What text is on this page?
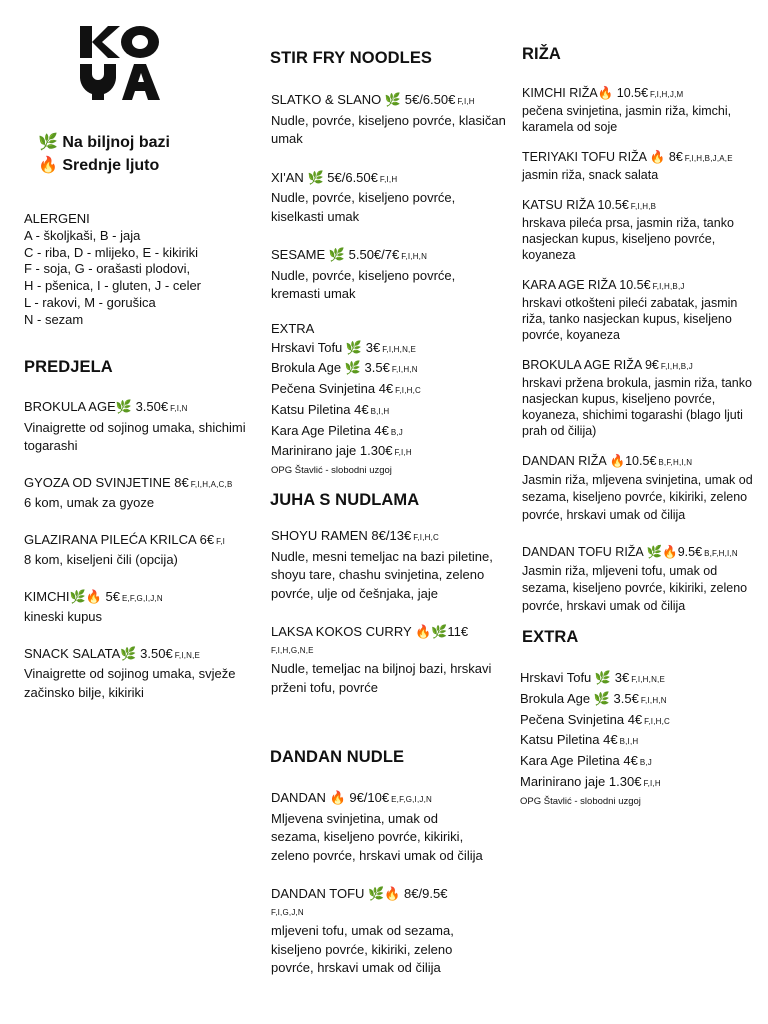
🌿 Na biljnoj bazi
🔥 Srednje ljuto
ALERGENI
A - školjkaši, B - jaja
C - riba, D - mlijeko, E - kikiriki
F - soja, G - orašasti plodovi,
H - pšenica, I - gluten, J - celer
L - rakovi, M - gorušica
N - sezam
PREDJELA
BROKULA AGE🌿 3.50€ F,I,N
Vinaigrette od sojinog umaka, shichimi togarashi
GYOZA OD SVINJETINE 8€ F,I,H,A,C,B
6 kom, umak za gyoze
GLAZIRANA PILEĆA KRILCA 6€ F,I
8 kom, kiseljeni čili (opcija)
KIMCHI🌿🔥 5€ E,F,G,I,J,N
kineski kupus
SNACK SALATA🌿 3.50€ F,I,N,E
Vinaigrette od sojinog umaka, svježe začinsko bilje, kikiriki
STIR FRY NOODLES
SLATKO & SLANO 🌿 5€/6.50€ F,I,H
Nudle, povrće, kiseljeno povrće, klasičan umak
XI'AN 🌿 5€/6.50€ F,I,H
Nudle, povrće, kiseljeno povrće, kiselkasti umak
SESAME 🌿 5.50€/7€ F,I,H,N
Nudle, povrće, kiseljeno povrće, kremasti umak
EXTRA
Hrskavi Tofu 🌿 3€ F,I,H,N,E
Brokula Age 🌿 3.5€ F,I,H,N
Pečena Svinjetina 4€ F,I,H,C
Katsu Piletina 4€ B,I,H
Kara Age Piletina 4€ B,J
Marinirano jaje 1.30€ F,I,H
OPG Štavlić - slobodni uzgoj
JUHA S NUDLAMA
SHOYU RAMEN 8€/13€ F,I,H,C
Nudle, mesni temeljac na bazi piletine,
shoyu tare, chashu svinjetina, zeleno povrće, ulje od češnjaka, jaje
LAKSA KOKOS CURRY 🔥🌿11€
F,I,H,G,N,E
Nudle, temeljac na biljnoj bazi, hrskavi
prženi tofu, povrće
DANDAN NUDLE
DANDAN 🔥 9€/10€ E,F,G,I,J,N
Mljevena svinjetina, umak od sezama, kiseljeno povrće, kikiriki, zeleno povrće, hrskavi umak od čilija
DANDAN TOFU 🌿🔥 8€/9.5€
F,I,G,J,N
mljeveni tofu, umak od sezama, kiseljeno povrće, kikiriki, zeleno povrće, hrskavi umak od čilija
RIŽA
KIMCHI RIŽA🔥 10.5€ F,I,H,J,M
pečena svinjetina, jasmin riža, kimchi, karamela od soje
TERIYAKI TOFU RIŽA 🔥 8€ F,I,H,B,J,A,E
jasmin riža, snack salata
KATSU RIŽA 10.5€ F,I,H,B
hrskava pileća prsa, jasmin riža, tanko nasjeckan kupus, kiseljeno povrće, koyaneza
KARA AGE RIŽA 10.5€ F,I,H,B,J
hrskavi otkošteni pileći zabatak, jasmin riža, tanko nasjeckan kupus, kiseljeno povrće, koyaneza
BROKULA AGE RIŽA 9€ F,I,H,B,J
hrskavi pržena brokula, jasmin riža, tanko nasjeckan kupus, kiseljeno povrće, koyaneza, shichimi togarashi (blago ljuti prah od čilija)
DANDAN RIŽA 🔥10.5€ B,F,H,I,N
Jasmin riža, mljevena svinjetina, umak od sezama, kiseljeno povrće, kikiriki, zeleno povrće, hrskavi umak od čilija
DANDAN TOFU RIŽA 🌿🔥9.5€ B,F,H,I,N
Jasmin riža, mljeveni tofu, umak od sezama, kiseljeno povrće, kikiriki, zeleno povrće, hrskavi umak od čilija
EXTRA
Hrskavi Tofu 🌿 3€ F,I,H,N,E
Brokula Age 🌿 3.5€ F,I,H,N
Pečena Svinjetina 4€ F,I,H,C
Katsu Piletina 4€ B,I,H
Kara Age Piletina 4€ B,J
Marinirano jaje 1.30€ F,I,H
OPG Štavlić - slobodni uzgoj
